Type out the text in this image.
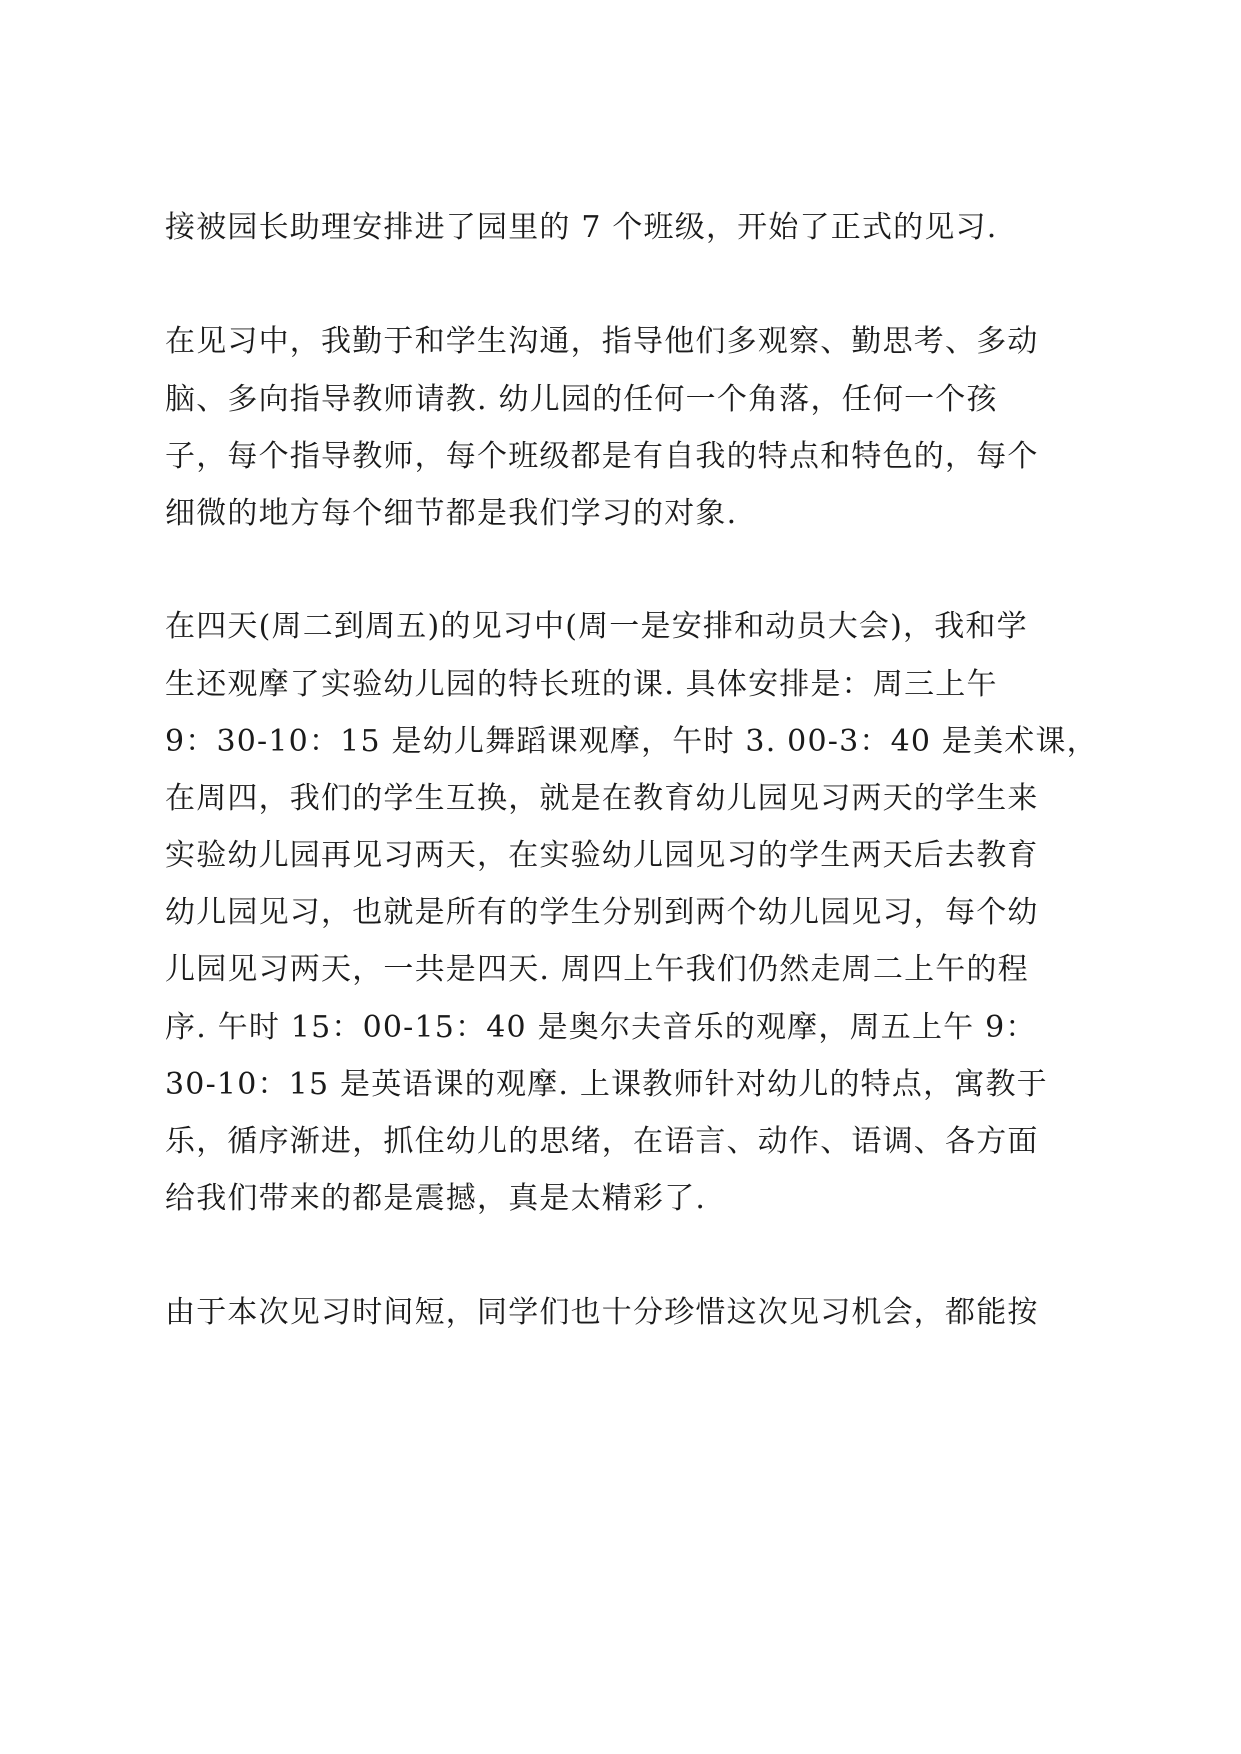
接被园长助理安排进了园里的 7 个班级，开始了正式的见习.
在见习中，我勤于和学生沟通，指导他们多观察、勤思考、多动
脑、多向指导教师请教. 幼儿园的任何一个角落，任何一个孩
子，每个指导教师，每个班级都是有自我的特点和特色的，每个
细微的地方每个细节都是我们学习的对象.
在四天(周二到周五)的见习中(周一是安排和动员大会)，我和学
生还观摩了实验幼儿园的特长班的课. 具体安排是：周三上午
9：30-10：15 是幼儿舞蹈课观摩，午时 3. 00-3：40 是美术课，
在周四，我们的学生互换，就是在教育幼儿园见习两天的学生来
实验幼儿园再见习两天，在实验幼儿园见习的学生两天后去教育
幼儿园见习，也就是所有的学生分别到两个幼儿园见习，每个幼
儿园见习两天，一共是四天. 周四上午我们仍然走周二上午的程
序. 午时 15：00-15：40 是奥尔夫音乐的观摩，周五上午 9：
30-10：15 是英语课的观摩. 上课教师针对幼儿的特点，寓教于
乐，循序渐进，抓住幼儿的思绪，在语言、动作、语调、各方面
给我们带来的都是震撼，真是太精彩了.
由于本次见习时间短，同学们也十分珍惜这次见习机会，都能按
